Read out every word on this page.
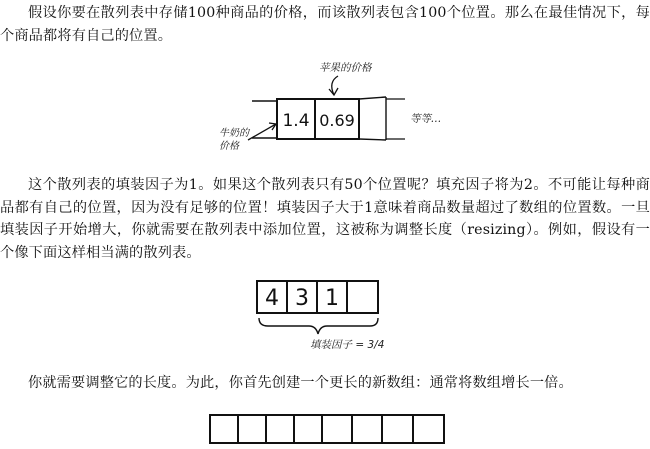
假设你要在散列表中存储100种商品的价格，而该散列表包含100个位置。那么在最佳情况下，每个商品都将有自己的位置。

1.4 0.69
4 3 1
苹果的价格
牛奶的
价格
等等…
填装因子 = 3/4

这个散列表的填装因子为1。如果这个散列表只有50个位置呢？填充因子将为2。不可能让每种商品都有自己的位置，因为没有足够的位置！填装因子大于1意味着商品数量超过了数组的位置数。一旦填装因子开始增大，你就需要在散列表中添加位置，这被称为调整长度（resizing）。例如，假设有一个像下面这样相当满的散列表。

你就需要调整它的长度。为此，你首先创建一个更长的新数组：通常将数组增长一倍。
